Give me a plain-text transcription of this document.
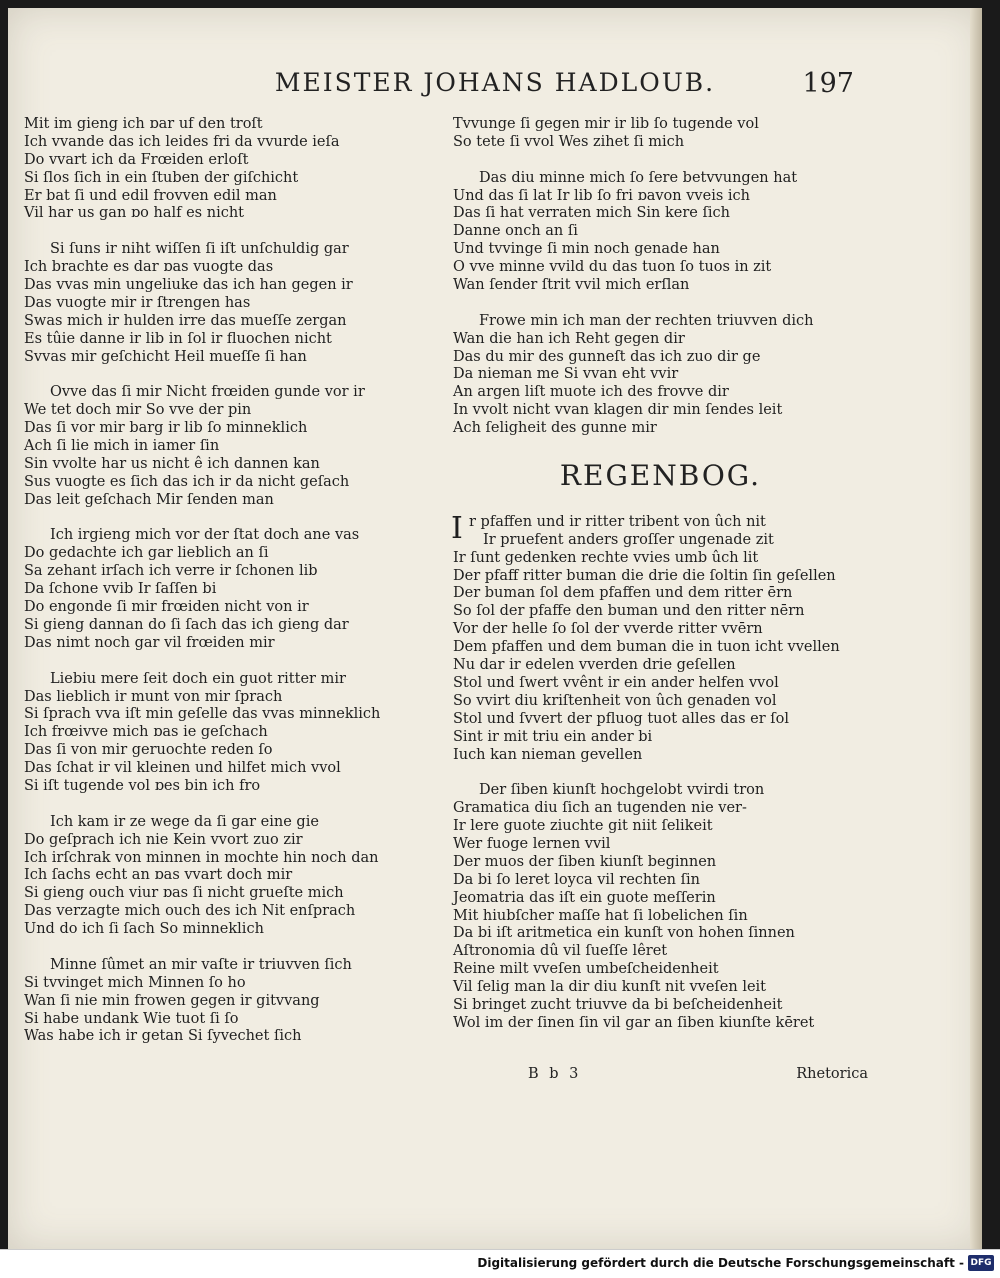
MEISTER JOHANS HADLOUB.	197
Mit im gieng ich ɒar uf den troſt
Ich vvande das ich leides fri da vvurde ieſa
Do vvart ich da Frœiden erloſt
Si ſlos ſich in ein ſtuben der giſchicht
Er bat ſi und edil frovven edil man
Vil har us gan ɒo half es nicht
Si ſuns ir niht wiſſen ſi iſt unſchuldig gar
Ich brachte es dar ɒas vuogte das
Das vvas min ungeliuke das ich han gegen ir
Das vuogte mir ir ſtrengen has
Swas mich ir hulden irre das mueſſe zergan
Es tûie danne ir lib in ſol ir fluochen nicht
Svvas mir geſchicht Heil mueſſe ſi han
Ovve das ſi mir Nicht frœiden gunde vor ir
We tet doch mir So vve der pin
Das ſi vor mir barg ir lib ſo minneklich
Ach ſi lie mich in iamer ſin
Sin vvolte har us nicht ê ich dannen kan
Sus vuogte es ſich das ich ir da nicht geſach
Das leit geſchach Mir ſenden man
Ich irgieng mich vor der ſtat doch ane vas
Do gedachte ich gar lieblich an ſi
Sa zehant irſach ich verre ir ſchonen lib
Da ſchone vvib Ir ſaſſen bi
Do engonde ſi mir frœiden nicht von ir
Si gieng dannan do ſi ſach das ich gieng dar
Das nimt noch gar vil frœiden mir
Liebiu mere ſeit doch ein guot ritter mir
Das lieblich ir munt von mir ſprach
Si ſprach vva iſt min geſelle das vvas minneklich
Ich frœivve mich ɒas ie geſchach
Das ſi von mir geruochte reden ſo
Das ſchat ir vil kleinen und hilfet mich vvol
Si iſt tugende vol ɒes bin ich fro
Ich kam ir ze wege da ſi gar eine gie
Do geſprach ich nie Kein vvort zuo zir
Ich irſchrak von minnen in mochte hin noch dan
Ich ſachs echt an ɒas vvart doch mir
Si gieng ouch viur ɒas ſi nicht grueſte mich
Das verzagte mich ouch des ich Nit enſprach
Und do ich ſi ſach So minneklich
Minne ſûmet an mir vaſte ir triuvven ſich
Si tvvinget mich Minnen ſo ho
Wan ſi nie min frowen gegen ir gitvvang
Si habe undank Wie tuot ſi ſo
Was habe ich ir getan Si ſyvechet ſich
Tvvunge ſi gegen mir ir lib ſo tugende vol
So tete ſi vvol Wes zihet ſi mich
Das diu minne mich ſo ſere betvvungen hat
Und das ſi lat Ir lib ſo fri ɒavon vveis ich
Das ſi hat verraten mich Sin kere ſich
Danne onch an ſi
Und tvvinge ſi min noch genade han
O vve minne vvild du das tuon ſo tuos in zit
Wan ſender ſtrit vvil mich erſlan
Frowe min ich man der rechten triuvven dich
Wan die han ich Reht gegen dir
Das du mir des gunneſt das ich zuo dir ge
Da nieman me Si vvan eht vvir
An argen liſt muote ich des frovve dir
In vvolt nicht vvan klagen dir min ſendes leit
Ach ſeligheit des gunne mir
REGENBOG.
I r pfaffen und ir ritter tribent von ûch nit
Ir pruefent anders groſſer ungenade zit
Ir ſunt gedenken rechte vvies umb ûch lit
Der pfaff ritter buman die drie die ſoltin ſin geſellen
Der buman ſol dem pfaffen und dem ritter ērn
So ſol der pfaffe den buman und den ritter nērn
Vor der helle ſo ſol der vverde ritter vvērn
Dem pfaffen und dem buman die in tuon icht vvellen
Nu dar ir edelen vverden drie geſellen
Stol und ſwert vvênt ir ein ander helfen vvol
So vvirt diu kriſtenheit von ûch genaden vol
Stol und ſvvert der pfluog tuot alles das er ſol
Sint ir mit triu ein ander bi
Iuch kan nieman gevellen
Der ſiben kiunſt hochgelobt vvirdi tron
Gramatica diu ſich an tugenden nie ver-
Ir lere guote ziuchte git niit ſelikeit
Wer fuoge lernen vvil
Der muos der ſiben kiunſt beginnen
Da bi ſo leret loyca vil rechten ſin
Jeomatria das iſt ein guote meſſerin
Mit hiubſcher maſſe hat ſi lobelichen ſin
Da bi iſt aritmetica ein kunſt von hohen ſinnen
Aſtronomia dû vil ſueſſe lêret
Reine milt vveſen umbeſcheidenheit
Vil ſelig man la dir diu kunſt nit vveſen leit
Si bringet zucht triuvve da bi beſcheidenheit
Wol im der ſinen ſin vil gar an ſiben kiunſte kēret
B b 3	Rhetorica
Digitalisierung gefördert durch die Deutsche Forschungsgemeinschaft - DFG
